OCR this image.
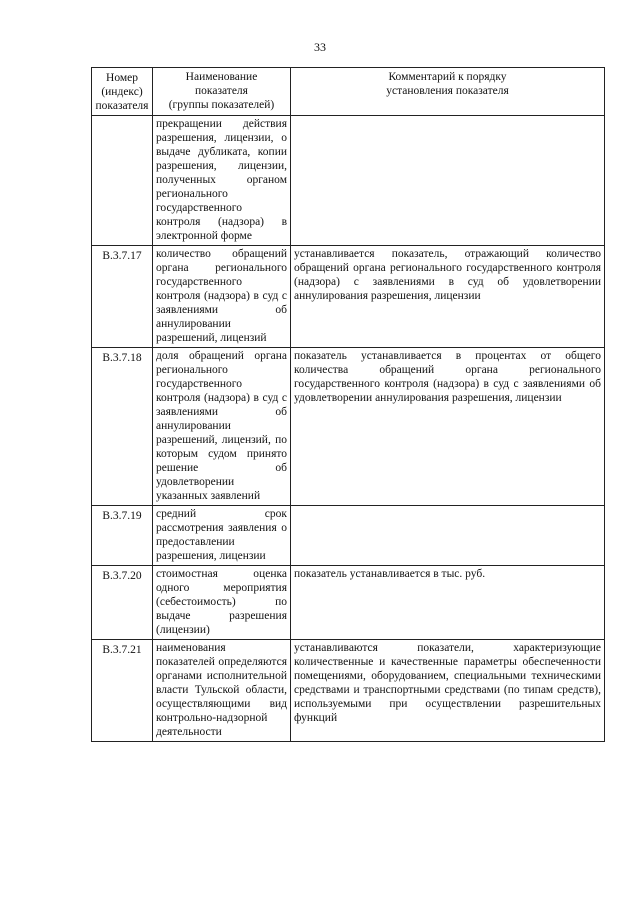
33
Номер
(индекс)
показателя	Наименование
показателя
(группы показателей)	Комментарий к порядку
установления показателя

	прекращении действия разрешения, лицензии, о выдаче дубликата, копии разрешения, лицензии, полученных органом регионального государственного контроля (надзора) в электронной форме	

В.3.7.17	количество обращений органа регионального государственного контроля (надзора) в суд с заявлениями об аннулировании разрешений, лицензий	устанавливается показатель, отражающий количество обращений органа регионального государственного контроля (надзора) с заявлениями в суд об удовлетворении аннулирования разрешения, лицензии
В.3.7.18	доля обращений органа регионального государственного контроля (надзора) в суд с заявлениями об аннулировании разрешений, лицензий, по которым судом принято решение об удовлетворении указанных заявлений	показатель устанавливается в процентах от общего количества обращений органа регионального государственного контроля (надзора) в суд с заявлениями об удовлетворении аннулирования разрешения, лицензии
В.3.7.19	средний срок рассмотрения заявления о предоставлении разрешения, лицензии	

В.3.7.20	стоимостная оценка одного мероприятия (себестоимость) по выдаче разрешения (лицензии)	показатель устанавливается в тыс. руб.
В.3.7.21	наименования показателей определяются органами исполнительной власти Тульской области, осуществляющими вид контрольно-надзорной деятельности	устанавливаются показатели, характеризующие количественные и качественные параметры обеспеченности помещениями, оборудованием, специальными техническими средствами и транспортными средствами (по типам средств), используемыми при осуществлении разрешительных функций
